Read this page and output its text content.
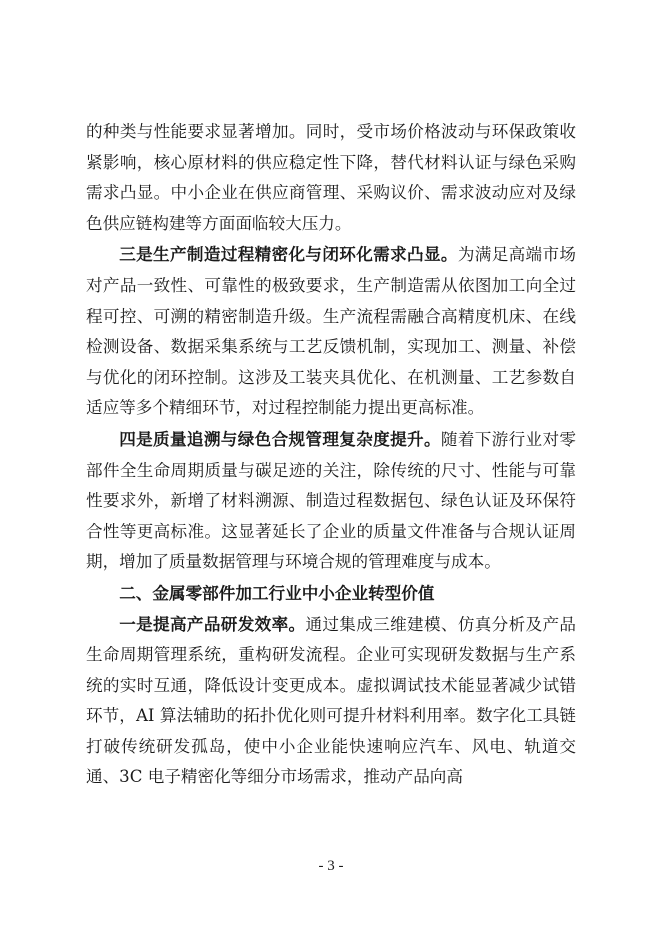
的种类与性能要求显著增加。同时，受市场价格波动与环保政策收紧影响，核心原材料的供应稳定性下降，替代材料认证与绿色采购需求凸显。中小企业在供应商管理、采购议价、需求波动应对及绿色供应链构建等方面面临较大压力。

三是生产制造过程精密化与闭环化需求凸显。为满足高端市场对产品一致性、可靠性的极致要求，生产制造需从依图加工向全过程可控、可溯的精密制造升级。生产流程需融合高精度机床、在线检测设备、数据采集系统与工艺反馈机制，实现加工、测量、补偿与优化的闭环控制。这涉及工装夹具优化、在机测量、工艺参数自适应等多个精细环节，对过程控制能力提出更高标准。

四是质量追溯与绿色合规管理复杂度提升。随着下游行业对零部件全生命周期质量与碳足迹的关注，除传统的尺寸、性能与可靠性要求外，新增了材料溯源、制造过程数据包、绿色认证及环保符合性等更高标准。这显著延长了企业的质量文件准备与合规认证周期，增加了质量数据管理与环境合规的管理难度与成本。

二、金属零部件加工行业中小企业转型价值

一是提高产品研发效率。通过集成三维建模、仿真分析及产品生命周期管理系统，重构研发流程。企业可实现研发数据与生产系统的实时互通，降低设计变更成本。虚拟调试技术能显著减少试错环节，AI 算法辅助的拓扑优化则可提升材料利用率。数字化工具链打破传统研发孤岛，使中小企业能快速响应汽车、风电、轨道交通、3C 电子精密化等细分市场需求，推动产品向高

- 3 -
